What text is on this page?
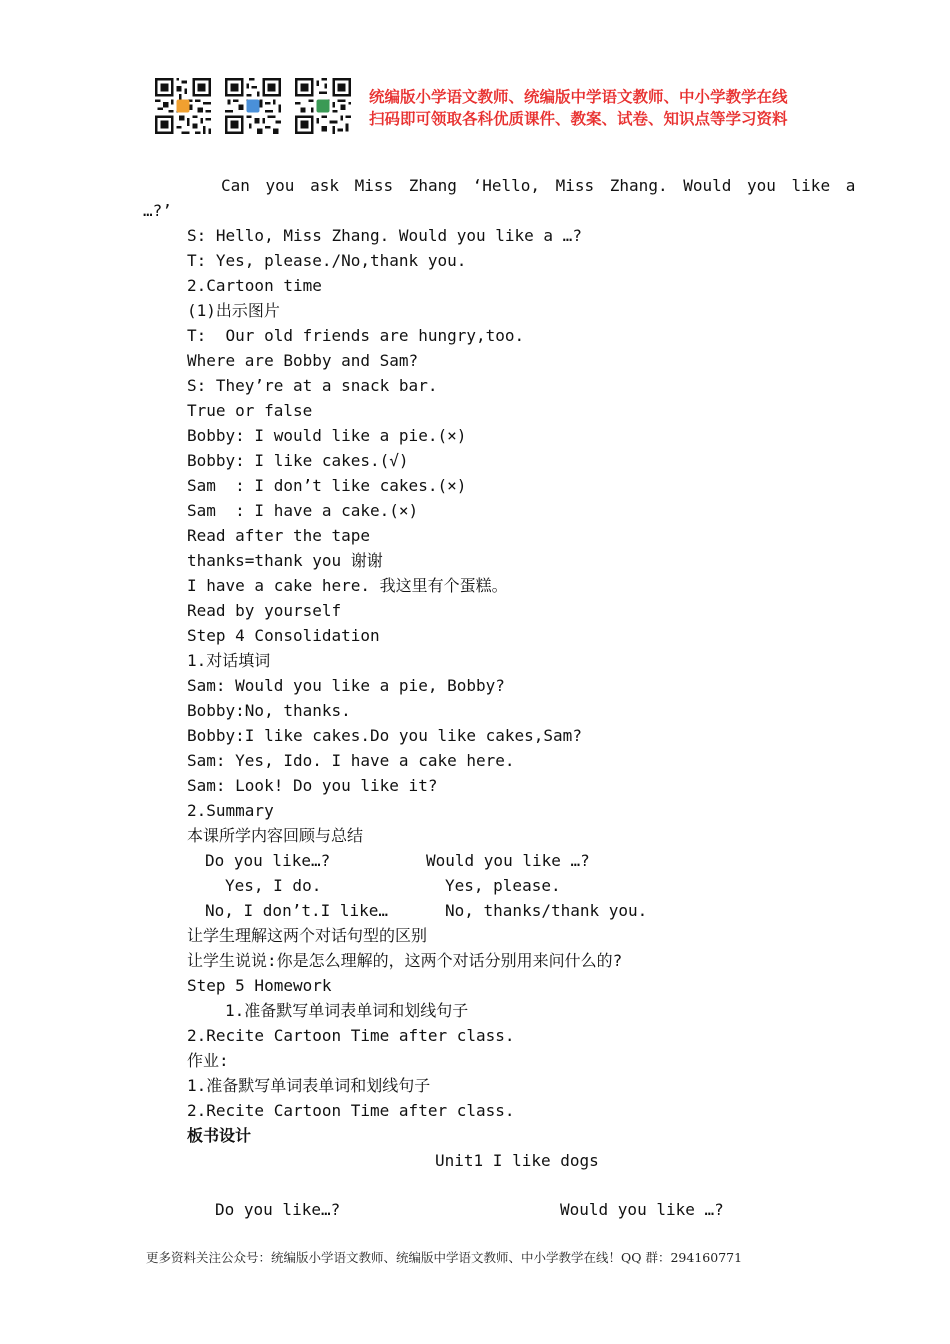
统编版小学语文教师、统编版中学语文教师、中小学教学在线
扫码即可领取各科优质课件、教案、试卷、知识点等学习资料
Can you ask Miss Zhang ‘Hello, Miss Zhang. Would you like a
…?’
S: Hello, Miss Zhang. Would you like a …?
T: Yes, please./No,thank you.
2.Cartoon time
(1)出示图片
T:  Our old friends are hungry,too.
Where are Bobby and Sam?
S: They’re at a snack bar.
True or false
Bobby: I would like a pie.(×)
Bobby: I like cakes.(√)
Sam  : I don’t like cakes.(×)
Sam  : I have a cake.(×)
Read after the tape
thanks=thank you 谢谢
I have a cake here. 我这里有个蛋糕。
Read by yourself
Step 4 Consolidation
1.对话填词
Sam: Would you like a pie, Bobby?
Bobby:No, thanks.
Bobby:I like cakes.Do you like cakes,Sam?
Sam: Yes, Ido. I have a cake here.
Sam: Look! Do you like it?
2.Summary
本课所学内容回顾与总结
Do you like…?	Would you like …?
Yes, I do.	Yes, please.
No, I don’t.I like…	No, thanks/thank you.
让学生理解这两个对话句型的区别
让学生说说:你是怎么理解的，这两个对话分别用来问什么的?
Step 5 Homework
1.准备默写单词表单词和划线句子
2.Recite Cartoon Time after class.
作业:
1.准备默写单词表单词和划线句子
2.Recite Cartoon Time after class.
板书设计
Unit1 I like dogs
Do you like…?	Would you like …?
更多资料关注公众号：统编版小学语文教师、统编版中学语文教师、中小学教学在线！QQ 群：294160771
